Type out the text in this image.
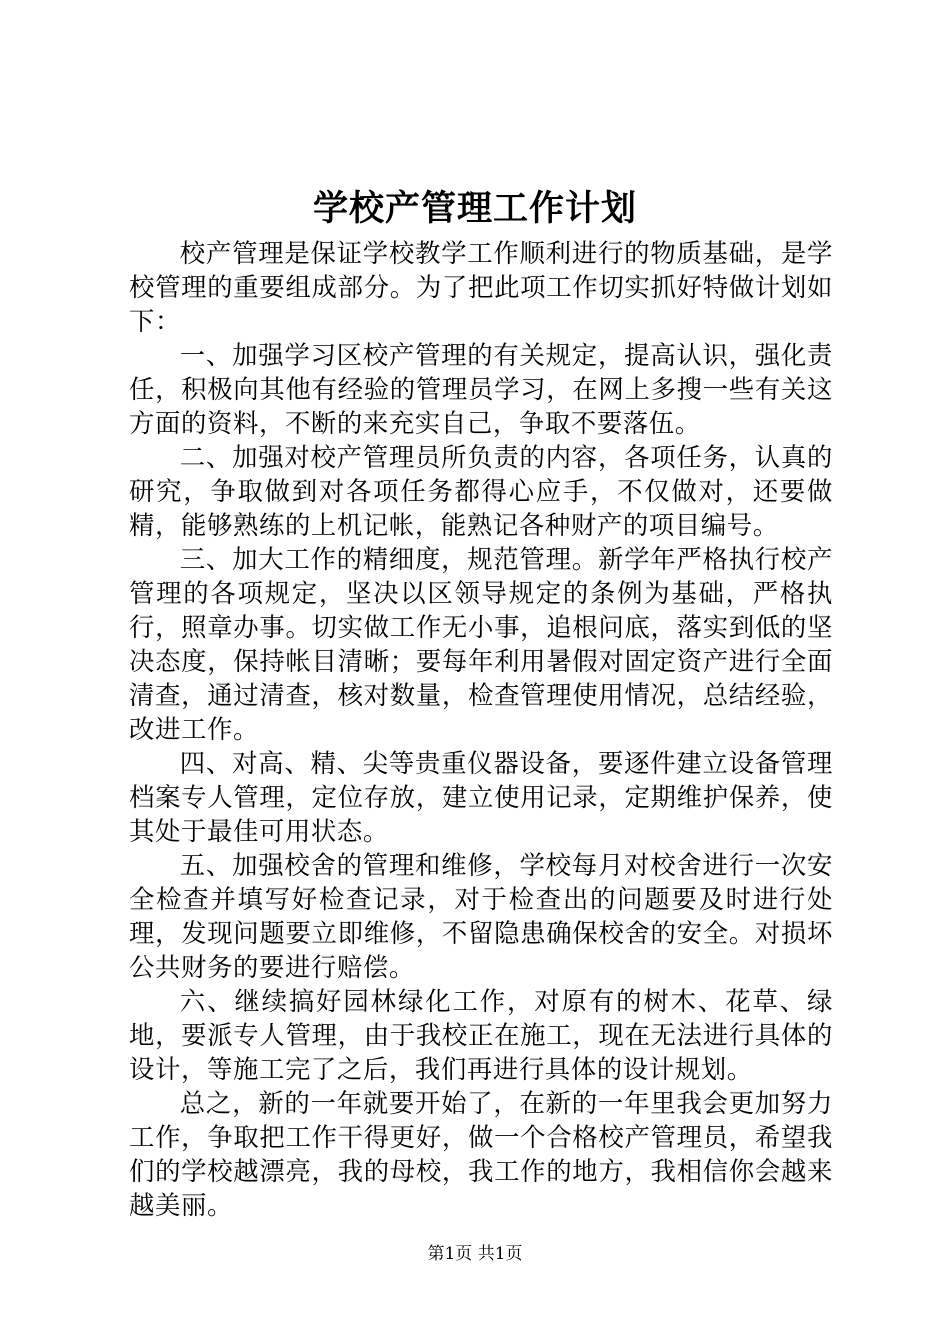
学校产管理工作计划

校产管理是保证学校教学工作顺利进行的物质基础，是学校管理的重要组成部分。为了把此项工作切实抓好特做计划如下：

一、加强学习区校产管理的有关规定，提高认识，强化责任，积极向其他有经验的管理员学习，在网上多搜一些有关这方面的资料，不断的来充实自己，争取不要落伍。

二、加强对校产管理员所负责的内容，各项任务，认真的研究，争取做到对各项任务都得心应手，不仅做对，还要做精，能够熟练的上机记帐，能熟记各种财产的项目编号。

三、加大工作的精细度，规范管理。新学年严格执行校产管理的各项规定，坚决以区领导规定的条例为基础，严格执行，照章办事。切实做工作无小事，追根问底，落实到低的坚决态度，保持帐目清晰；要每年利用暑假对固定资产进行全面清查，通过清查，核对数量，检查管理使用情况，总结经验，改进工作。

四、对高、精、尖等贵重仪器设备，要逐件建立设备管理档案专人管理，定位存放，建立使用记录，定期维护保养，使其处于最佳可用状态。

五、加强校舍的管理和维修，学校每月对校舍进行一次安全检查并填写好检查记录，对于检查出的问题要及时进行处理，发现问题要立即维修，不留隐患确保校舍的安全。对损坏公共财务的要进行赔偿。

六、继续搞好园林绿化工作，对原有的树木、花草、绿地，要派专人管理，由于我校正在施工，现在无法进行具体的设计，等施工完了之后，我们再进行具体的设计规划。

总之，新的一年就要开始了，在新的一年里我会更加努力工作，争取把工作干得更好，做一个合格校产管理员，希望我们的学校越漂亮，我的母校，我工作的地方，我相信你会越来越美丽。

第1页 共1页
